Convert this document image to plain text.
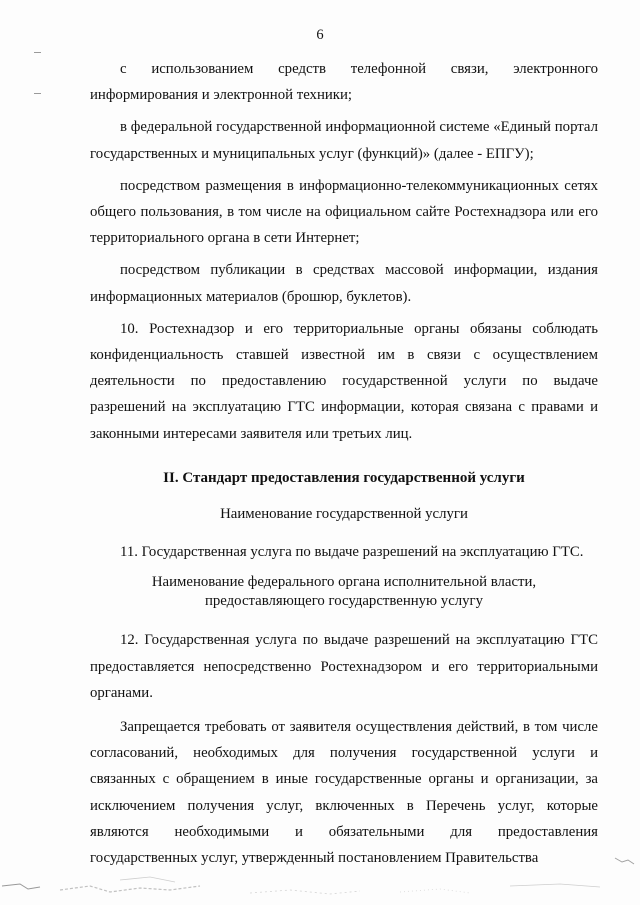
6

с использованием средств телефонной связи, электронного информирования и электронной техники;

в федеральной государственной информационной системе «Единый портал государственных и муниципальных услуг (функций)» (далее - ЕПГУ);

посредством размещения в информационно-телекоммуникационных сетях общего пользования, в том числе на официальном сайте Ростехнадзора или его территориального органа в сети Интернет;

посредством публикации в средствах массовой информации, издания информационных материалов (брошюр, буклетов).

10. Ростехнадзор и его территориальные органы обязаны соблюдать конфиденциальность ставшей известной им в связи с осуществлением деятельности по предоставлению государственной услуги по выдаче разрешений на эксплуатацию ГТС информации, которая связана с правами и законными интересами заявителя или третьих лиц.

II. Стандарт предоставления государственной услуги
Наименование государственной услуги

11. Государственная услуга по выдаче разрешений на эксплуатацию ГТС.

Наименование федерального органа исполнительной власти,
предоставляющего государственную услугу

12. Государственная услуга по выдаче разрешений на эксплуатацию ГТС предоставляется непосредственно Ростехнадзором и его территориальными органами.

Запрещается требовать от заявителя осуществления действий, в том числе согласований, необходимых для получения государственной услуги и связанных с обращением в иные государственные органы и организации, за исключением получения услуг, включенных в Перечень услуг, которые являются необходимыми и обязательными для предоставления государственных услуг, утвержденный постановлением Правительства
